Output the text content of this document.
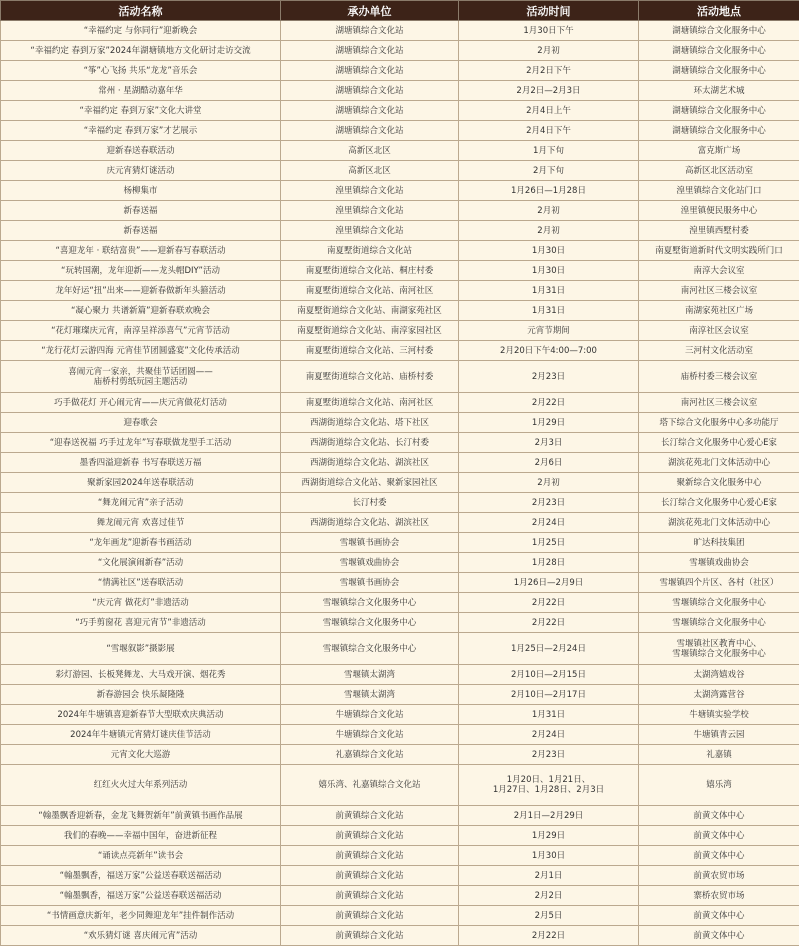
活动名称	承办单位	活动时间	活动地点
“幸福约定 与你同行”迎新晚会	湖塘镇综合文化站	1月30日下午	湖塘镇综合文化服务中心
“幸福约定 春到万家”2024年湖塘镇地方文化研讨走访交流	湖塘镇综合文化站	2月初	湖塘镇综合文化服务中心
“筝”心飞扬 共乐“龙龙”音乐会	湖塘镇综合文化站	2月2日下午	湖塘镇综合文化服务中心
常州 · 星湖酷动嘉年华	湖塘镇综合文化站	2月2日—2月3日	环太湖艺术城
“幸福约定 春到万家”文化大讲堂	湖塘镇综合文化站	2月4日上午	湖塘镇综合文化服务中心
“幸福约定 春到万家”才艺展示	湖塘镇综合文化站	2月4日下午	湖塘镇综合文化服务中心
迎新春送春联活动	高新区北区	1月下旬	富克斯广场
庆元宵猜灯谜活动	高新区北区	2月下旬	高新区北区活动室
杨柳集市	湟里镇综合文化站	1月26日—1月28日	湟里镇综合文化站门口
新春送福	湟里镇综合文化站	2月初	湟里镇便民服务中心
新春送福	湟里镇综合文化站	2月初	湟里镇西墅村委
“喜迎龙年 · 联结富贵”——迎新春写春联活动	南夏墅街道综合文化站	1月30日	南夏墅街道新时代文明实践所门口
“玩转国潮，龙年迎新——龙头帽DIY”活动	南夏墅街道综合文化站、桐庄村委	1月30日	南淳大会议室
龙年好运“扭”出来——迎新春做新年头箍活动	南夏墅街道综合文化站、南河社区	1月31日	南河社区三楼会议室
“凝心聚力 共谱新篇”迎新春联欢晚会	南夏墅街道综合文化站、南湖家苑社区	1月31日	南湖家苑社区广场
“花灯璀璨庆元宵，南淳呈祥添喜气”元宵节活动	南夏墅街道综合文化站、南淳家园社区	元宵节期间	南淳社区会议室
“龙行花灯云游四海 元宵佳节团圆盛宴”文化传承活动	南夏墅街道综合文化站、三河村委	2月20日下午4:00—7:00	三河村文化活动室
喜闹元宵一家亲，共聚佳节话团圆——
庙桥村剪纸玩园主题活动	南夏墅街道综合文化站、庙桥村委	2月23日	庙桥村委三楼会议室
巧手做花灯 开心闹元宵——庆元宵做花灯活动	南夏墅街道综合文化站、南河社区	2月22日	南河社区三楼会议室
迎春歌会	西湖街道综合文化站、塔下社区	1月29日	塔下综合文化服务中心多功能厅
“迎春送祝福 巧手过龙年”写春联做龙型手工活动	西湖街道综合文化站、长汀村委	2月3日	长汀综合文化服务中心爱心E家
墨香四溢迎新春 书写春联送万福	西湖街道综合文化站、湖滨社区	2月6日	湖滨花苑北门文体活动中心
聚新家园2024年送春联活动	西湖街道综合文化站、聚新家园社区	2月初	聚新综合文化服务中心
“舞龙闹元宵”亲子活动	长汀村委	2月23日	长汀综合文化服务中心爱心E家
舞龙闹元宵 欢喜过佳节	西湖街道综合文化站、湖滨社区	2月24日	湖滨花苑北门文体活动中心
“龙年画龙”迎新春书画活动	雪堰镇书画协会	1月25日	旷达科技集团
“文化展演闹新春”活动	雪堰镇戏曲协会	1月28日	雪堰镇戏曲协会
“情满社区”送春联活动	雪堰镇书画协会	1月26日—2月9日	雪堰镇四个片区、各村（社区）
“庆元宵 做花灯”非遗活动	雪堰镇综合文化服务中心	2月22日	雪堰镇综合文化服务中心
“巧手剪窗花 喜迎元宵节”非遗活动	雪堰镇综合文化服务中心	2月22日	雪堰镇综合文化服务中心
“雪堰叙影”摄影展	雪堰镇综合文化服务中心	1月25日—2月24日	雪堰镇社区教育中心、
雪堰镇综合文化服务中心
彩灯游园、长板凳舞龙、大马戏开演、烟花秀	雪堰镇太湖湾	2月10日—2月15日	太湖湾嬉戏谷
新春游园会 快乐凝隆隆	雪堰镇太湖湾	2月10日—2月17日	太湖湾露营谷
2024年牛塘镇喜迎新春节大型联欢庆典活动	牛塘镇综合文化站	1月31日	牛塘镇实验学校
2024年牛塘镇元宵猜灯谜庆佳节活动	牛塘镇综合文化站	2月24日	牛塘镇青云园
元宵文化大巡游	礼嘉镇综合文化站	2月23日	礼嘉镇
红红火火过大年系列活动	嬉乐湾、礼嘉镇综合文化站	1月20日、1月21日、
1月27日、1月28日、2月3日	嬉乐湾
“翰墨飘香迎新春，金龙飞舞贺新年”前黄镇书画作品展	前黄镇综合文化站	2月1日—2月29日	前黄文体中心
我们的春晚——幸福中国年，奋进新征程	前黄镇综合文化站	1月29日	前黄文体中心
“诵读点亮新年”读书会	前黄镇综合文化站	1月30日	前黄文体中心
“翰墨飘香，福送万家”公益送春联送福活动	前黄镇综合文化站	2月1日	前黄农贸市场
“翰墨飘香，福送万家”公益送春联送福活动	前黄镇综合文化站	2月2日	寨桥农贸市场
“书情画意庆新年，老少同舞迎龙年”挂件制作活动	前黄镇综合文化站	2月5日	前黄文体中心
“欢乐猜灯谜 喜庆闹元宵”活动	前黄镇综合文化站	2月22日	前黄文体中心
